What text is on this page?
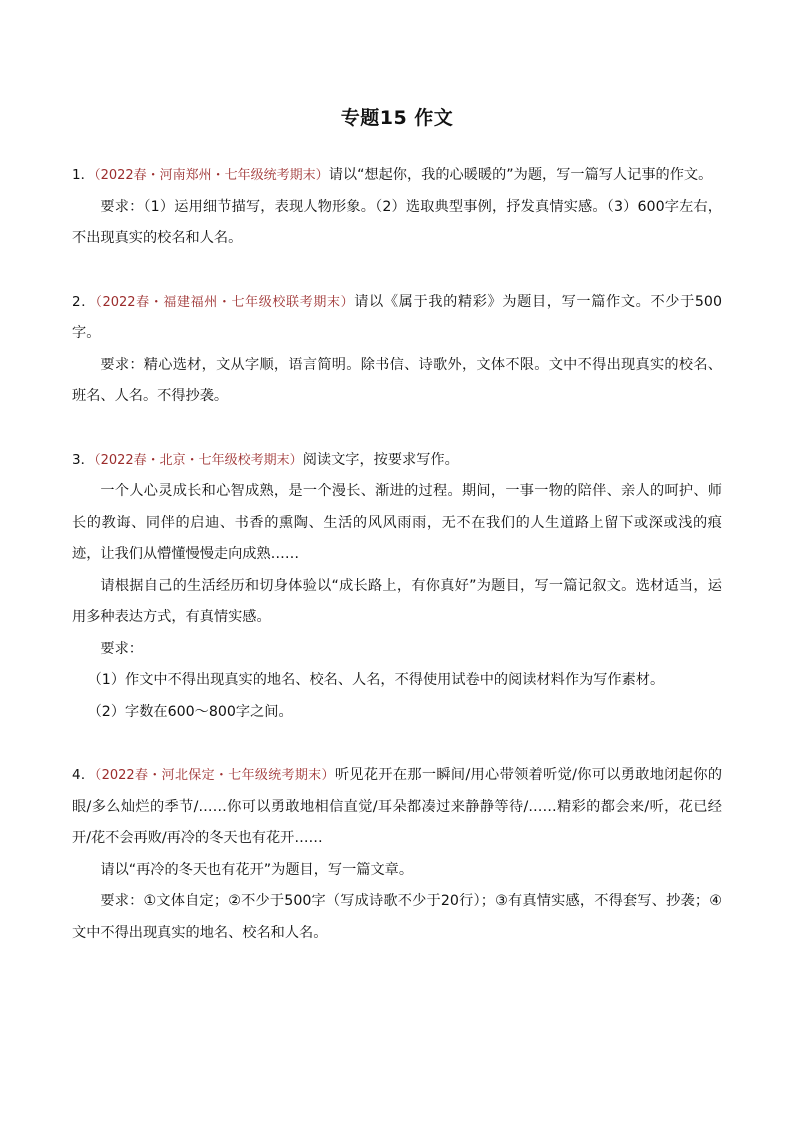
专题15 作文

1．（2022春・河南郑州・七年级统考期末）请以“想起你，我的心暖暖的”为题，写一篇写人记事的作文。

要求：（1）运用细节描写，表现人物形象。（2）选取典型事例，抒发真情实感。（3）600字左右，不出现真实的校名和人名。

2．（2022春・福建福州・七年级校联考期末）请以《属于我的精彩》为题目，写一篇作文。不少于500字。

要求：精心选材，文从字顺，语言简明。除书信、诗歌外，文体不限。文中不得出现真实的校名、班名、人名。不得抄袭。

3．（2022春・北京・七年级校考期末）阅读文字，按要求写作。

一个人心灵成长和心智成熟，是一个漫长、渐进的过程。期间，一事一物的陪伴、亲人的呵护、师长的教诲、同伴的启迪、书香的熏陶、生活的风风雨雨，无不在我们的人生道路上留下或深或浅的痕迹，让我们从懵懂慢慢走向成熟……

请根据自己的生活经历和切身体验以“成长路上，有你真好”为题目，写一篇记叙文。选材适当，运用多种表达方式，有真情实感。

要求：

（1）作文中不得出现真实的地名、校名、人名，不得使用试卷中的阅读材料作为写作素材。

（2）字数在600～800字之间。

4．（2022春・河北保定・七年级统考期末）听见花开在那一瞬间/用心带领着听觉/你可以勇敢地闭起你的眼/多么灿烂的季节/……你可以勇敢地相信直觉/耳朵都凑过来静静等待/……精彩的都会来/听，花已经开/花不会再败/再冷的冬天也有花开……

请以“再冷的冬天也有花开”为题目，写一篇文章。

要求：①文体自定；②不少于500字（写成诗歌不少于20行）；③有真情实感，不得套写、抄袭；④文中不得出现真实的地名、校名和人名。
